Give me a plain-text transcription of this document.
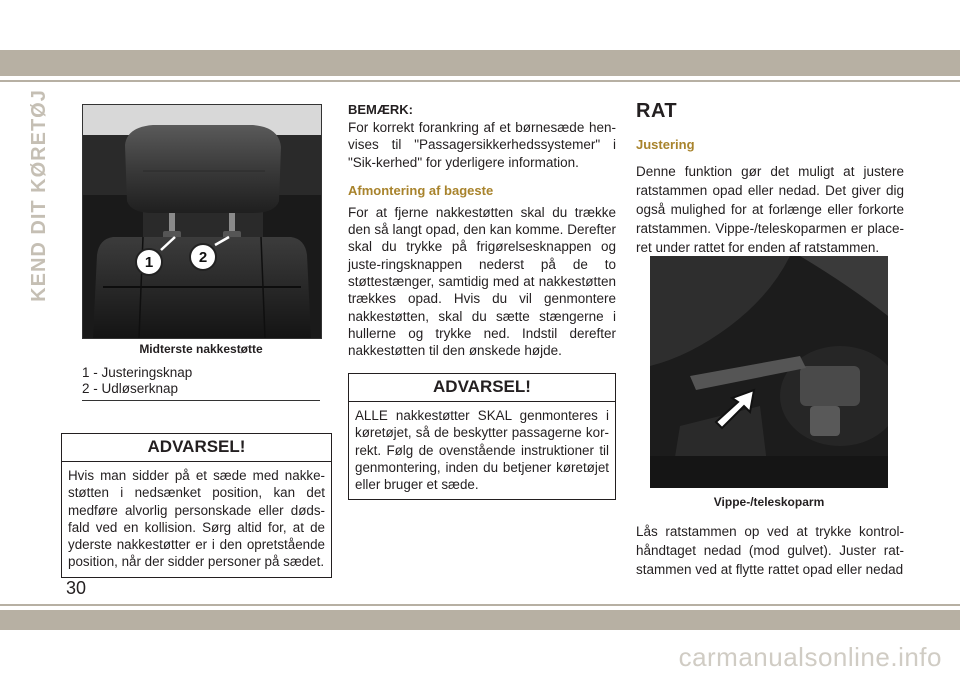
KEND DIT KØRETØJ	1	2
Midterste nakkestøtte
1 - Justeringsknap
2 - Udløserknap
ADVARSEL!
Hvis man sidder på et sæde med nakke-støtten i nedsænket position, kan det medføre alvorlig personskade eller døds-fald ved en kollision. Sørg altid for, at de yderste nakkestøtter er i den opretstående position, når der sidder personer på sædet.
BEMÆRK:
For korrekt forankring af et børnesæde hen-vises til "Passagersikkerhedssystemer" i "Sik-kerhed" for yderligere information.
Afmontering af bageste
For at fjerne nakkestøtten skal du trække den så langt opad, den kan komme. Derefter skal du trykke på frigørelsesknappen og juste-ringsknappen nederst på de to støttestænger, samtidig med at nakkestøtten trækkes opad. Hvis du vil genmontere nakkestøtten, skal du sætte stængerne i hullerne og trykke ned. Indstil derefter nakkestøtten til den ønskede højde.
ADVARSEL!
ALLE nakkestøtter SKAL genmonteres i køretøjet, så de beskytter passagerne kor-rekt. Følg de ovenstående instruktioner til genmontering, inden du betjener køretøjet eller bruger et sæde.
RAT
Justering
Denne funktion gør det muligt at justere ratstammen opad eller nedad. Det giver dig også mulighed for at forlænge eller forkorte ratstammen. Vippe-/teleskoparmen er place-ret under rattet for enden af ratstammen.
Vippe-/teleskoparm
Lås ratstammen op ved at trykke kontrol-håndtaget nedad (mod gulvet). Juster rat-stammen ved at flytte rattet opad eller nedad
30
carmanualsonline.info
